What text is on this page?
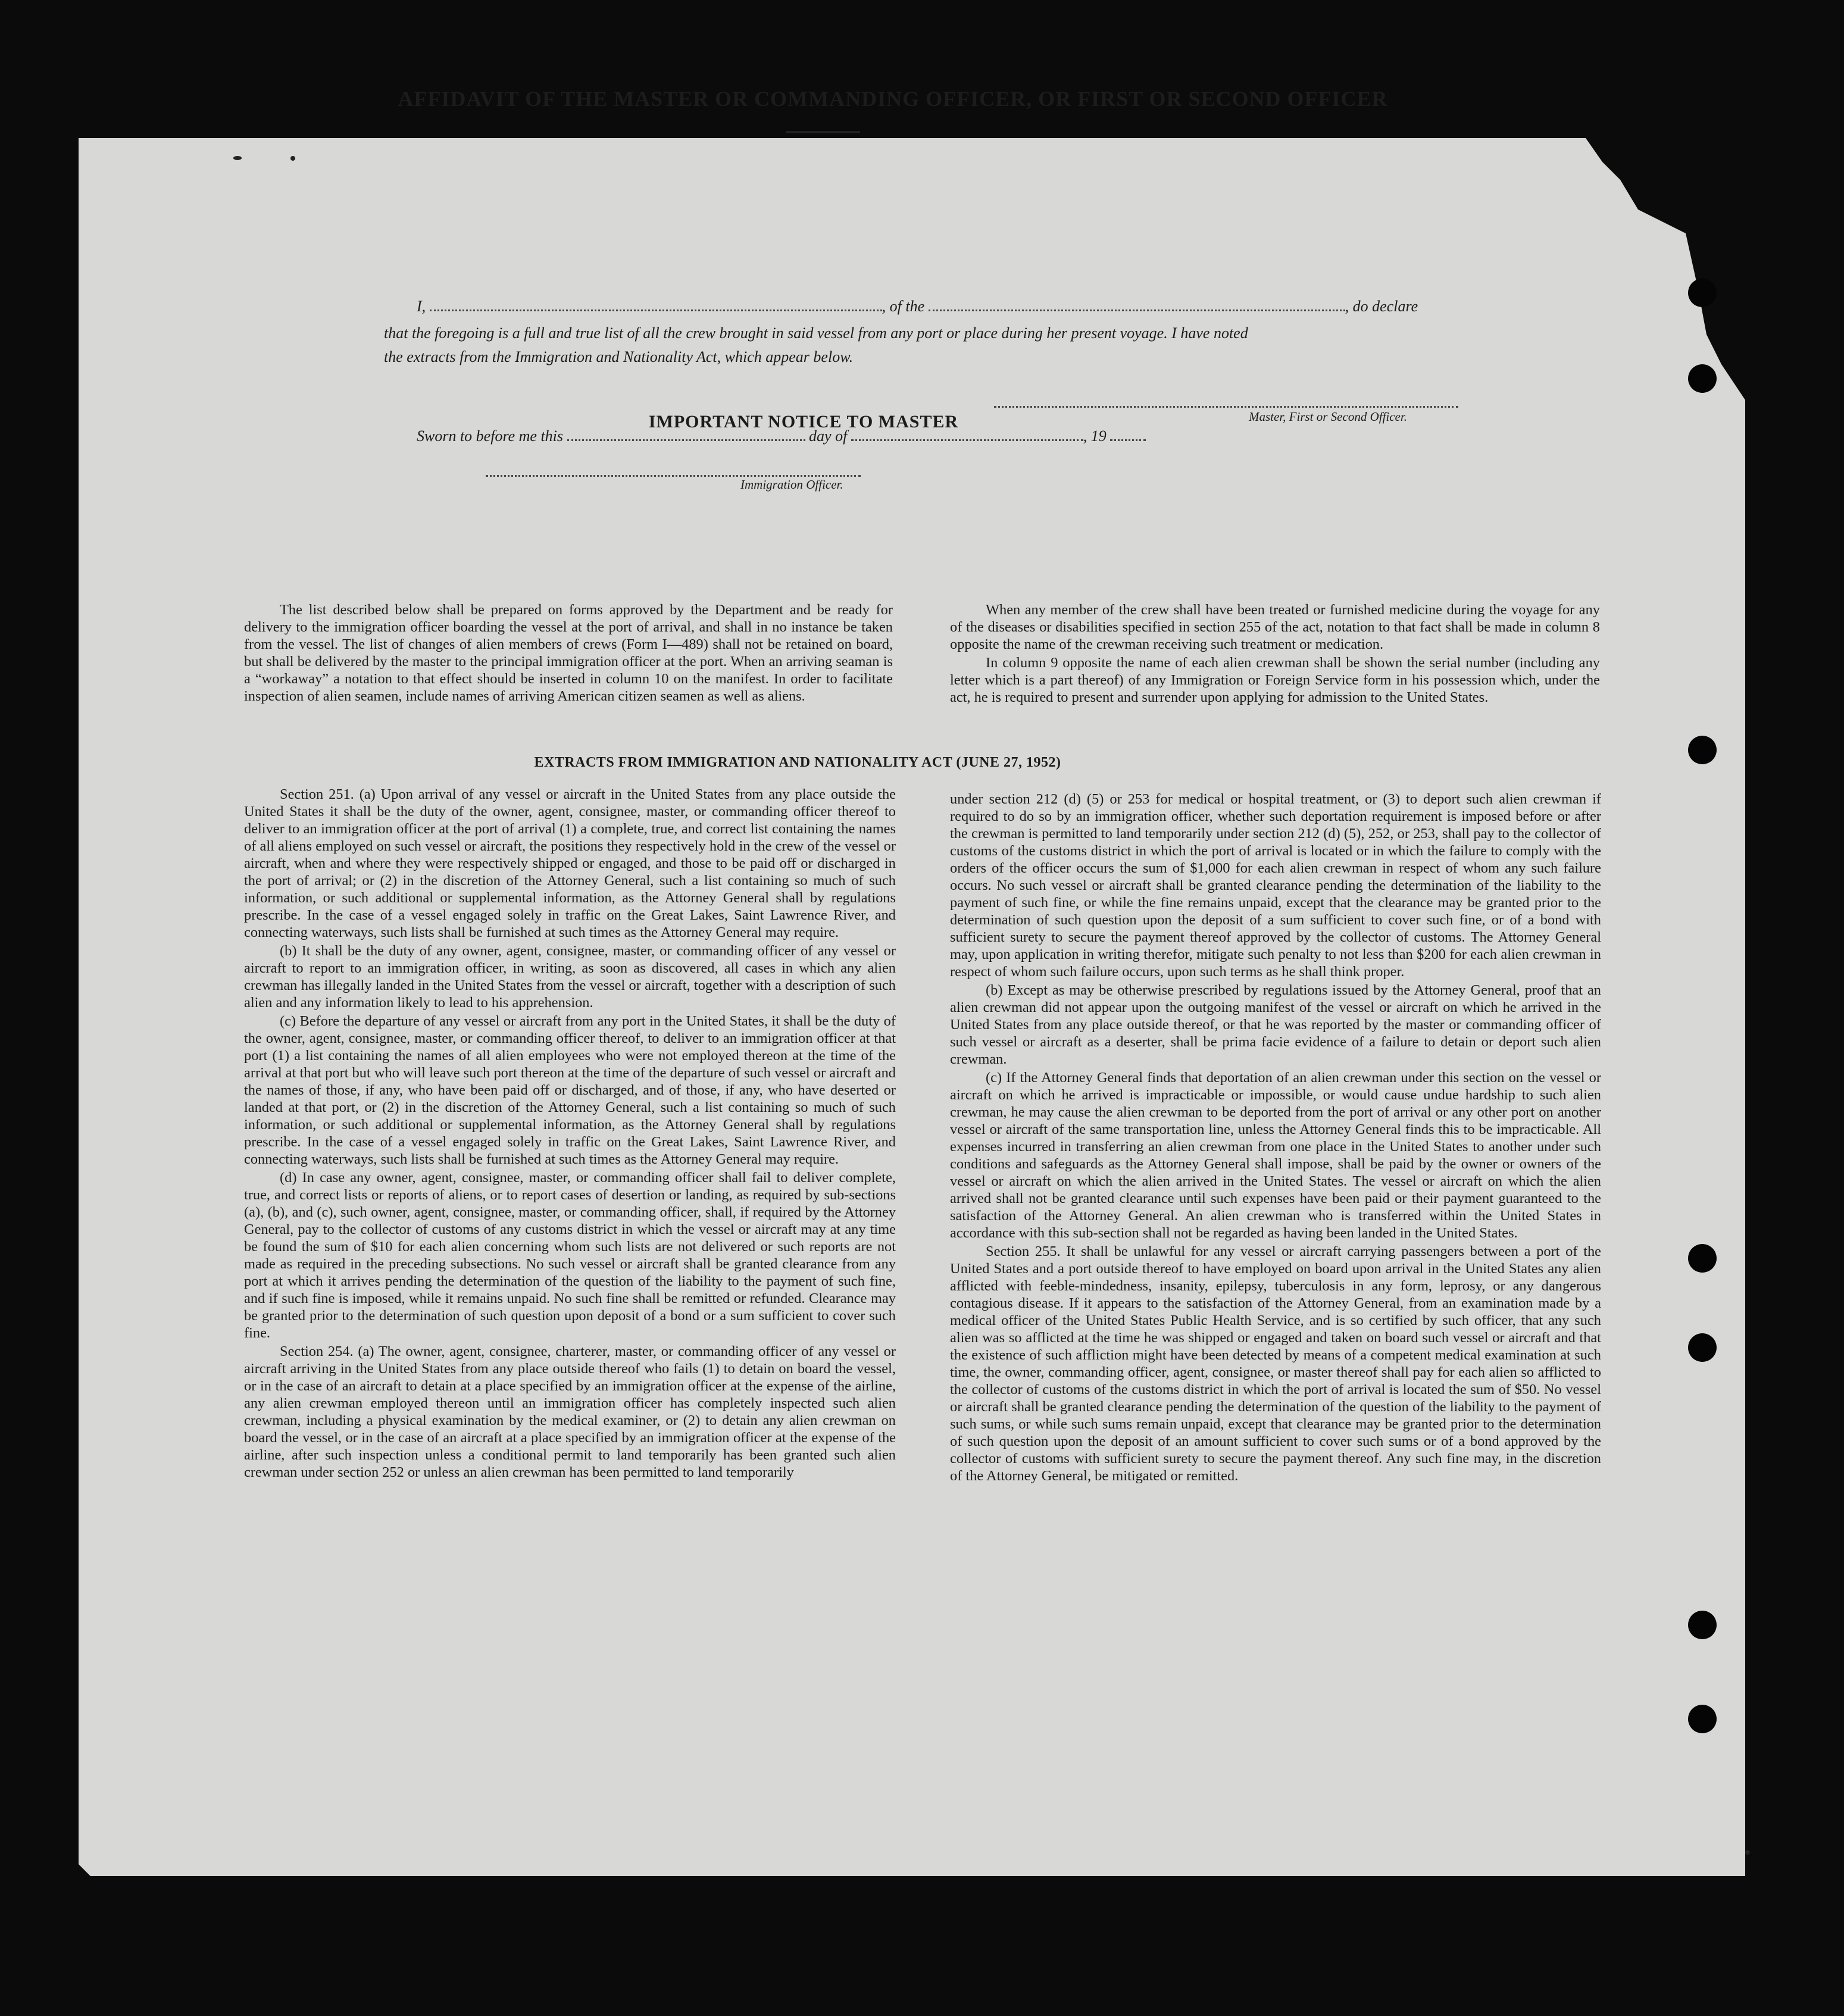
AFFIDAVIT OF THE MASTER OR COMMANDING OFFICER, OR FIRST OR SECOND OFFICER
I,	, of the	, do declare
that the foregoing is a full and true list of all the crew brought in said vessel from any port or place during her present voyage. I have noted
the extracts from the Immigration and Nationality Act, which appear below.
Master, First or Second Officer.
Sworn to before me this	day of	, 19
Immigration Officer.
IMPORTANT NOTICE TO MASTER

The list described below shall be prepared on forms approved by the Department and be ready for delivery to the immigration officer boarding the vessel at the port of arrival, and shall in no instance be taken from the vessel. The list of changes of alien members of crews (Form I—489) shall not be retained on board, but shall be delivered by the master to the principal immigration officer at the port. When an arriving seaman is a “workaway” a notation to that effect should be inserted in column 10 on the manifest. In order to facilitate inspection of alien seamen, include names of arriving American citizen seamen as well as aliens.

When any member of the crew shall have been treated or furnished medicine during the voyage for any of the diseases or disabilities specified in section 255 of the act, notation to that fact shall be made in column 8 opposite the name of the crewman receiving such treatment or medication.

In column 9 opposite the name of each alien crewman shall be shown the serial number (including any letter which is a part thereof) of any Immigration or Foreign Service form in his possession which, under the act, he is required to present and surrender upon applying for admission to the United States.

EXTRACTS FROM IMMIGRATION AND NATIONALITY ACT (JUNE 27, 1952)

Section 251. (a) Upon arrival of any vessel or aircraft in the United States from any place outside the United States it shall be the duty of the owner, agent, consignee, master, or commanding officer thereof to deliver to an immigration officer at the port of arrival (1) a complete, true, and correct list containing the names of all aliens employed on such vessel or aircraft, the positions they respectively hold in the crew of the vessel or aircraft, when and where they were respectively shipped or engaged, and those to be paid off or discharged in the port of arrival; or (2) in the discretion of the Attorney General, such a list containing so much of such information, or such additional or supplemental information, as the Attorney General shall by regulations prescribe. In the case of a vessel engaged solely in traffic on the Great Lakes, Saint Lawrence River, and connecting waterways, such lists shall be furnished at such times as the Attorney General may require.

(b) It shall be the duty of any owner, agent, consignee, master, or commanding officer of any vessel or aircraft to report to an immigration officer, in writing, as soon as discovered, all cases in which any alien crewman has illegally landed in the United States from the vessel or aircraft, together with a description of such alien and any information likely to lead to his apprehension.

(c) Before the departure of any vessel or aircraft from any port in the United States, it shall be the duty of the owner, agent, consignee, master, or commanding officer thereof, to deliver to an immigration officer at that port (1) a list containing the names of all alien employees who were not employed thereon at the time of the arrival at that port but who will leave such port thereon at the time of the departure of such vessel or aircraft and the names of those, if any, who have been paid off or discharged, and of those, if any, who have deserted or landed at that port, or (2) in the discretion of the Attorney General, such a list containing so much of such information, or such additional or supplemental information, as the Attorney General shall by regulations prescribe. In the case of a vessel engaged solely in traffic on the Great Lakes, Saint Lawrence River, and connecting waterways, such lists shall be furnished at such times as the Attorney General may require.

(d) In case any owner, agent, consignee, master, or commanding officer shall fail to deliver complete, true, and correct lists or reports of aliens, or to report cases of desertion or landing, as required by sub-sections (a), (b), and (c), such owner, agent, consignee, master, or commanding officer, shall, if required by the Attorney General, pay to the collector of customs of any customs district in which the vessel or aircraft may at any time be found the sum of $10 for each alien concerning whom such lists are not delivered or such reports are not made as required in the preceding subsections. No such vessel or aircraft shall be granted clearance from any port at which it arrives pending the determination of the question of the liability to the payment of such fine, and if such fine is imposed, while it remains unpaid. No such fine shall be remitted or refunded. Clearance may be granted prior to the determination of such question upon deposit of a bond or a sum sufficient to cover such fine.

Section 254. (a) The owner, agent, consignee, charterer, master, or commanding officer of any vessel or aircraft arriving in the United States from any place outside thereof who fails (1) to detain on board the vessel, or in the case of an aircraft to detain at a place specified by an immigration officer at the expense of the airline, any alien crewman employed thereon until an immigration officer has completely inspected such alien crewman, including a physical examination by the medical examiner, or (2) to detain any alien crewman on board the vessel, or in the case of an aircraft at a place specified by an immigration officer at the expense of the airline, after such inspection unless a conditional permit to land temporarily has been granted such alien crewman under section 252 or unless an alien crewman has been permitted to land temporarily

under section 212 (d) (5) or 253 for medical or hospital treatment, or (3) to deport such alien crewman if required to do so by an immigration officer, whether such deportation requirement is imposed before or after the crewman is permitted to land temporarily under section 212 (d) (5), 252, or 253, shall pay to the collector of customs of the customs district in which the port of arrival is located or in which the failure to comply with the orders of the officer occurs the sum of $1,000 for each alien crewman in respect of whom any such failure occurs. No such vessel or aircraft shall be granted clearance pending the determination of the liability to the payment of such fine, or while the fine remains unpaid, except that the clearance may be granted prior to the determination of such question upon the deposit of a sum sufficient to cover such fine, or of a bond with sufficient surety to secure the payment thereof approved by the collector of customs. The Attorney General may, upon application in writing therefor, mitigate such penalty to not less than $200 for each alien crewman in respect of whom such failure occurs, upon such terms as he shall think proper.

(b) Except as may be otherwise prescribed by regulations issued by the Attorney General, proof that an alien crewman did not appear upon the outgoing manifest of the vessel or aircraft on which he arrived in the United States from any place outside thereof, or that he was reported by the master or commanding officer of such vessel or aircraft as a deserter, shall be prima facie evidence of a failure to detain or deport such alien crewman.

(c) If the Attorney General finds that deportation of an alien crewman under this section on the vessel or aircraft on which he arrived is impracticable or impossible, or would cause undue hardship to such alien crewman, he may cause the alien crewman to be deported from the port of arrival or any other port on another vessel or aircraft of the same transportation line, unless the Attorney General finds this to be impracticable. All expenses incurred in transferring an alien crewman from one place in the United States to another under such conditions and safeguards as the Attorney General shall impose, shall be paid by the owner or owners of the vessel or aircraft on which the alien arrived in the United States. The vessel or aircraft on which the alien arrived shall not be granted clearance until such expenses have been paid or their payment guaranteed to the satisfaction of the Attorney General. An alien crewman who is transferred within the United States in accordance with this sub-section shall not be regarded as having been landed in the United States.

Section 255. It shall be unlawful for any vessel or aircraft carrying passengers between a port of the United States and a port outside thereof to have employed on board upon arrival in the United States any alien afflicted with feeble-mindedness, insanity, epilepsy, tuberculosis in any form, leprosy, or any dangerous contagious disease. If it appears to the satisfaction of the Attorney General, from an examination made by a medical officer of the United States Public Health Service, and is so certified by such officer, that any such alien was so afflicted at the time he was shipped or engaged and taken on board such vessel or aircraft and that the existence of such affliction might have been detected by means of a competent medical examination at such time, the owner, commanding officer, agent, consignee, or master thereof shall pay for each alien so afflicted to the collector of customs of the customs district in which the port of arrival is located the sum of $50. No vessel or aircraft shall be granted clearance pending the determination of the question of the liability to the payment of such sums, or while such sums remain unpaid, except that clearance may be granted prior to the determination of such question upon the deposit of an amount sufficient to cover such sums or of a bond approved by the collector of customs with sufficient surety to secure the payment thereof. Any such fine may, in the discretion of the Attorney General, be mitigated or remitted.
